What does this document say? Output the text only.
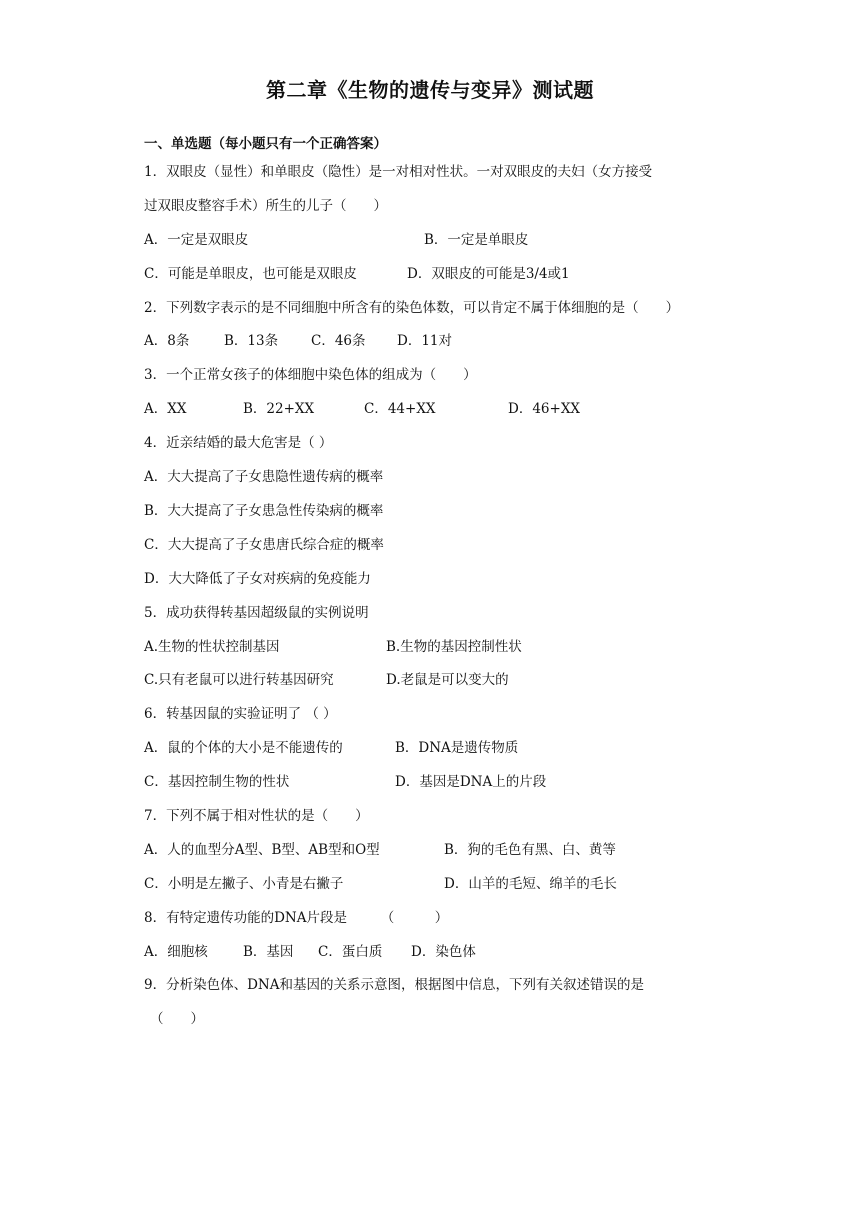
第二章《生物的遗传与变异》测试题
一、单选题（每小题只有一个正确答案）
1．双眼皮（显性）和单眼皮（隐性）是一对相对性状。一对双眼皮的夫妇（女方接受
过双眼皮整容手术）所生的儿子（　　）
A．一定是双眼皮	B．一定是单眼皮
C．可能是单眼皮，也可能是双眼皮	D．双眼皮的可能是3/4或1
2．下列数字表示的是不同细胞中所含有的染色体数，可以肯定不属于体细胞的是（　　）
A．8条	B．13条 C．46条 D．11对
3．一个正常女孩子的体细胞中染色体的组成为（　　）
A．XX	B．22+XX	C．44+XX	D．46+XX
4．近亲结婚的最大危害是（ ）
A．大大提高了子女患隐性遗传病的概率
B．大大提高了子女患急性传染病的概率
C．大大提高了子女患唐氏综合症的概率
D．大大降低了子女对疾病的免疫能力
5．成功获得转基因超级鼠的实例说明
A.生物的性状控制基因	B.生物的基因控制性状
C.只有老鼠可以进行转基因研究	D.老鼠是可以变大的
6．转基因鼠的实验证明了 （ ）
A．鼠的个体的大小是不能遗传的	B．DNA是遗传物质
C．基因控制生物的性状	D．基因是DNA上的片段
7．下列不属于相对性状的是（　　）
A．人的血型分A型、B型、AB型和O型	B．狗的毛色有黑、白、黄等
C．小明是左撇子、小青是右撇子	D．山羊的毛短、绵羊的毛长
8．有特定遗传功能的DNA片段是　　　（　　　）
A．细胞核	B．基因 C．蛋白质 D．染色体
9．分析染色体、DNA和基因的关系示意图，根据图中信息，下列有关叙述错误的是
（　　）
